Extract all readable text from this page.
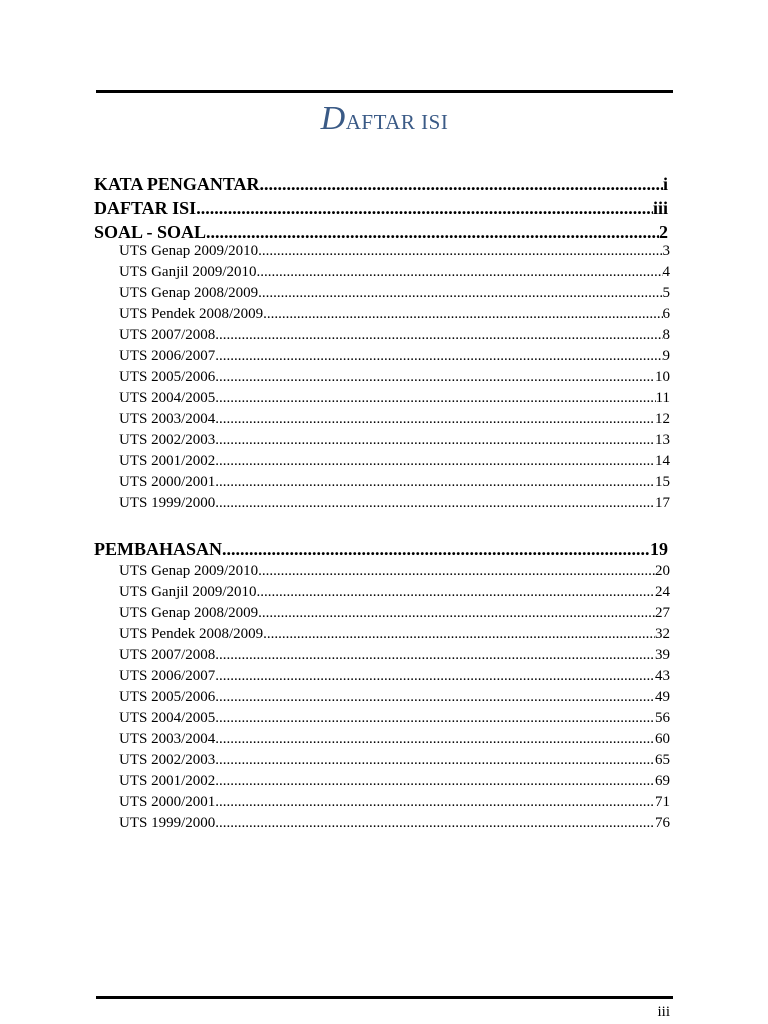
DAFTAR ISI
KATA PENGANTAR .....	i
DAFTAR ISI .....	iii
SOAL - SOAL .....	2
UTS Genap 2009/2010 .....	3
UTS Ganjil 2009/2010 .....	4
UTS Genap 2008/2009 .....	5
UTS Pendek 2008/2009 .....	6
UTS 2007/2008 .....	8
UTS 2006/2007 .....	9
UTS 2005/2006 .....	10
UTS 2004/2005 .....	11
UTS 2003/2004 .....	12
UTS 2002/2003 .....	13
UTS 2001/2002 .....	14
UTS 2000/2001 .....	15
UTS 1999/2000 .....	17
PEMBAHASAN .....	19
UTS Genap 2009/2010 .....	20
UTS Ganjil 2009/2010 .....	24
UTS Genap 2008/2009 .....	27
UTS Pendek 2008/2009 .....	32
UTS 2007/2008 .....	39
UTS 2006/2007 .....	43
UTS 2005/2006 .....	49
UTS 2004/2005 .....	56
UTS 2003/2004 .....	60
UTS 2002/2003 .....	65
UTS 2001/2002 .....	69
UTS 2000/2001 .....	71
UTS 1999/2000 .....	76
iii
